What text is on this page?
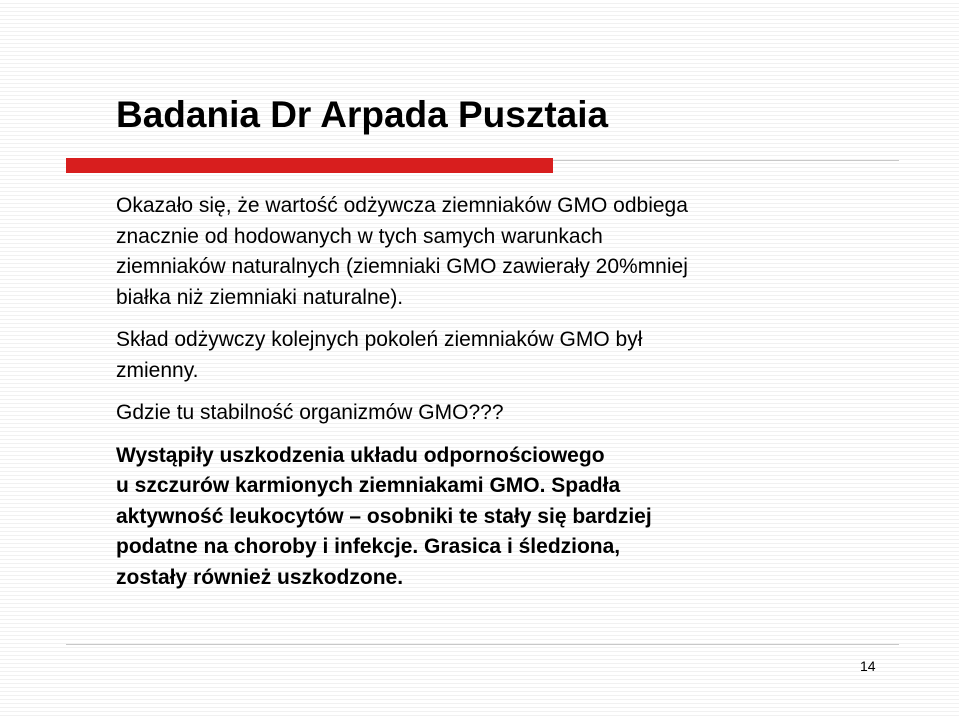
Badania Dr Arpada Pusztaia

Okazało się, że wartość odżywcza ziemniaków GMO odbiega
znacznie od hodowanych w tych samych warunkach
ziemniaków naturalnych (ziemniaki GMO zawierały 20%mniej
białka niż ziemniaki naturalne).

Skład odżywczy kolejnych pokoleń ziemniaków GMO był
zmienny.

Gdzie tu stabilność organizmów GMO???

Wystąpiły uszkodzenia układu odpornościowego
u szczurów karmionych ziemniakami GMO. Spadła
aktywność leukocytów – osobniki te stały się bardziej
podatne na choroby i infekcje. Grasica i śledziona,
zostały również uszkodzone.

14
